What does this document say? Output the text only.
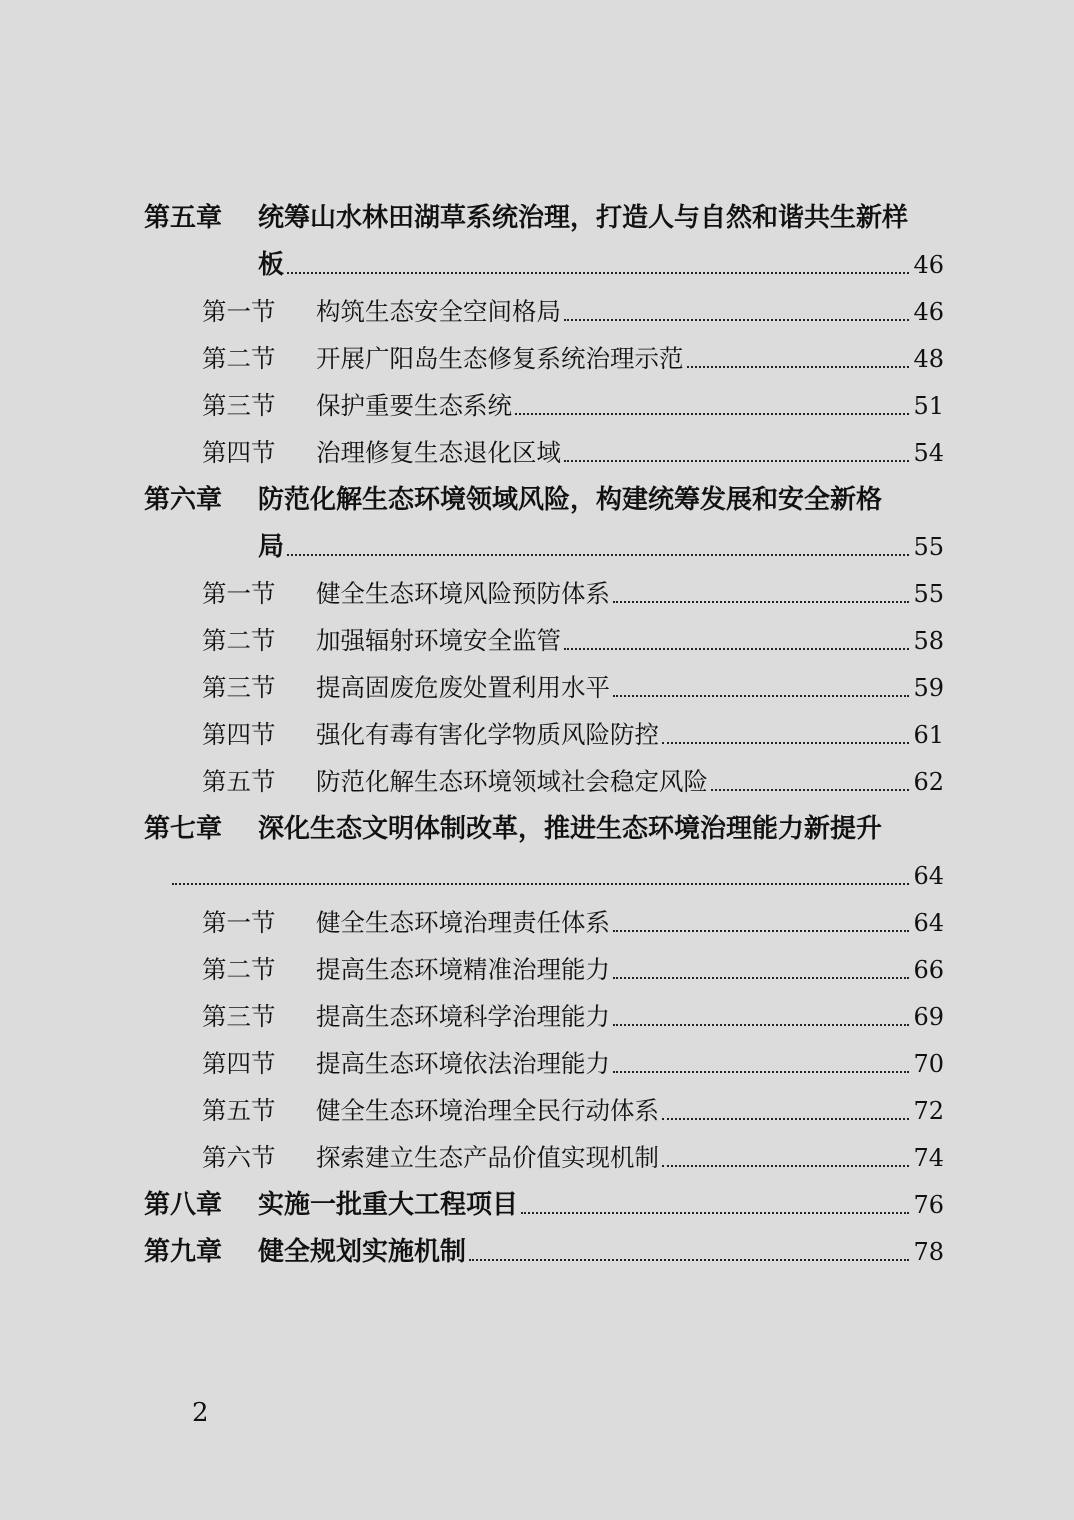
第五章	统筹山水林田湖草系统治理，打造人与自然和谐共生新样
板	46
第一节	构筑生态安全空间格局	46
第二节	开展广阳岛生态修复系统治理示范	48
第三节	保护重要生态系统	51
第四节	治理修复生态退化区域	54
第六章	防范化解生态环境领域风险，构建统筹发展和安全新格
局	55
第一节	健全生态环境风险预防体系	55
第二节	加强辐射环境安全监管	58
第三节	提高固废危废处置利用水平	59
第四节	强化有毒有害化学物质风险防控	61
第五节	防范化解生态环境领域社会稳定风险	62
第七章	深化生态文明体制改革，推进生态环境治理能力新提升
64
第一节	健全生态环境治理责任体系	64
第二节	提高生态环境精准治理能力	66
第三节	提高生态环境科学治理能力	69
第四节	提高生态环境依法治理能力	70
第五节	健全生态环境治理全民行动体系	72
第六节	探索建立生态产品价值实现机制	74
第八章	实施一批重大工程项目	76
第九章	健全规划实施机制	78
2
